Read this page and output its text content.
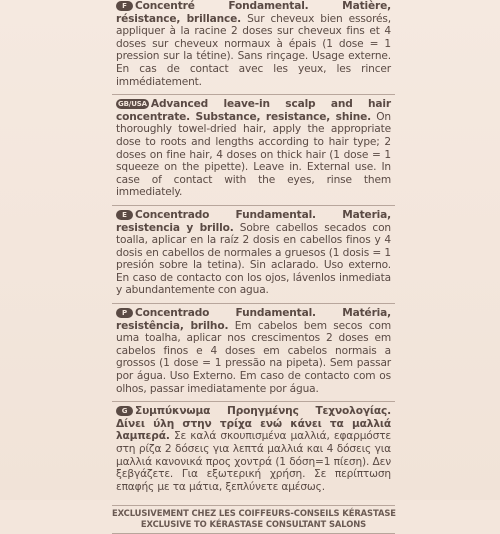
F Concentré Fondamental. Matière, résistance, brillance. Sur cheveux bien essorés, appliquer à la racine 2 doses sur cheveux fins et 4 doses sur cheveux normaux à épais (1 dose = 1 pression sur la tétine). Sans rinçage. Usage externe. En cas de contact avec les yeux, les rincer immédiatement.
GB/USA Advanced leave-in scalp and hair concentrate. Substance, resistance, shine. On thoroughly towel-dried hair, apply the appropriate dose to roots and lengths according to hair type; 2 doses on fine hair, 4 doses on thick hair (1 dose = 1 squeeze on the pipette). Leave in. External use. In case of contact with the eyes, rinse them immediately.
E Concentrado Fundamental. Materia, resistencia y brillo. Sobre cabellos secados con toalla, aplicar en la raíz 2 dosis en cabellos finos y 4 dosis en cabellos de normales a gruesos (1 dosis = 1 presión sobre la tetina). Sin aclarado. Uso externo. En caso de contacto con los ojos, lávenlos inmediata y abundantemente con agua.
P Concentrado Fundamental. Matéria, resistência, brilho. Em cabelos bem secos com uma toalha, aplicar nos crescimentos 2 doses em cabelos finos e 4 doses em cabelos normais a grossos (1 dose = 1 pressão na pipeta). Sem passar por água. Uso Externo. Em caso de contacto com os olhos, passar imediatamente por água.
G Συμπύκνωμα Προηγμένης Τεχνολογίας. Δίνει ύλη στην τρίχα ενώ κάνει τα μαλλιά λαμπερά. Σε καλά σκουπισμένα μαλλιά, εφαρμόστε στη ρίζα 2 δόσεις για λεπτά μαλλιά και 4 δόσεις για μαλλιά κανονικά προς χοντρά (1 δόση=1 πίεση). Δεν ξεβγάζετε. Για εξωτερική χρήση. Σε περίπτωση επαφής με τα μάτια, ξεπλύνετε αμέσως.
EXCLUSIVEMENT CHEZ LES COIFFEURS-CONSEILS KÉRASTASE
EXCLUSIVE TO KÉRASTASE CONSULTANT SALONS
